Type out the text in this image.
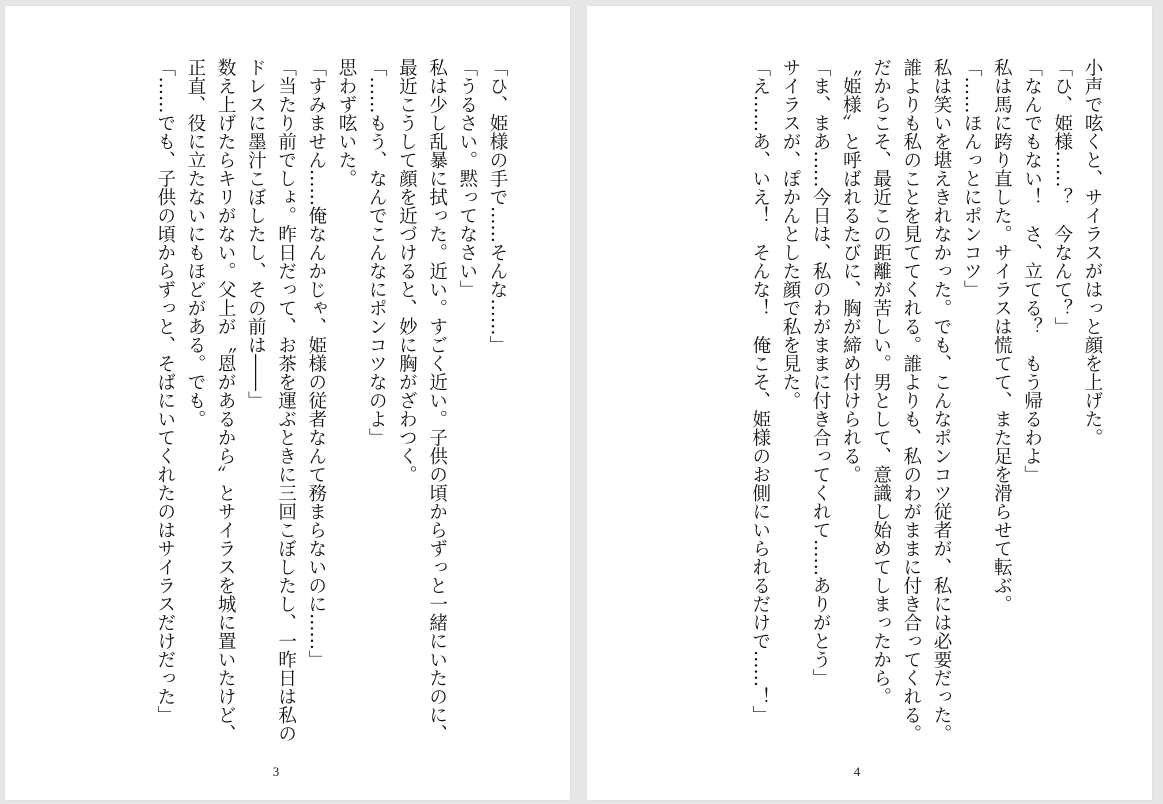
「ひ、姫様の手で……そんな……」

「うるさい。黙ってなさい」

私は少し乱暴に拭った。近い。すごく近い。子供の頃からずっと一緒にいたのに、

最近こうして顔を近づけると、妙に胸がざわつく。

「……もう、なんでこんなにポンコツなのよ」

思わず呟いた。

「すみません……俺なんかじゃ、姫様の従者なんて務まらないのに……」

「当たり前でしょ。昨日だって、お茶を運ぶときに三回こぼしたし、一昨日は私の

ドレスに墨汁こぼしたし、その前は――」

数え上げたらキリがない。父上が〝恩があるから〟とサイラスを城に置いたけど、

正直、役に立たないにもほどがある。でも。

「……でも、子供の頃からずっと、そばにいてくれたのはサイラスだけだった」

3

小声で呟くと、サイラスがはっと顔を上げた。

「ひ、姫様……？　今なんて？」

「なんでもない！　さ、立てる？　もう帰るわよ」

私は馬に跨り直した。サイラスは慌てて、また足を滑らせて転ぶ。

「……ほんっとにポンコツ」

私は笑いを堪えきれなかった。でも、こんなポンコツ従者が、私には必要だった。

誰よりも私のことを見ててくれる。誰よりも、私のわがままに付き合ってくれる。

だからこそ、最近この距離が苦しい。男として、意識し始めてしまったから。

〝姫様〟と呼ばれるたびに、胸が締め付けられる。

「ま、まあ……今日は、私のわがままに付き合ってくれて……ありがとう」

サイラスが、ぽかんとした顔で私を見た。

「え……あ、いえ！　そんな！　俺こそ、姫様のお側にいられるだけで……！」

4
